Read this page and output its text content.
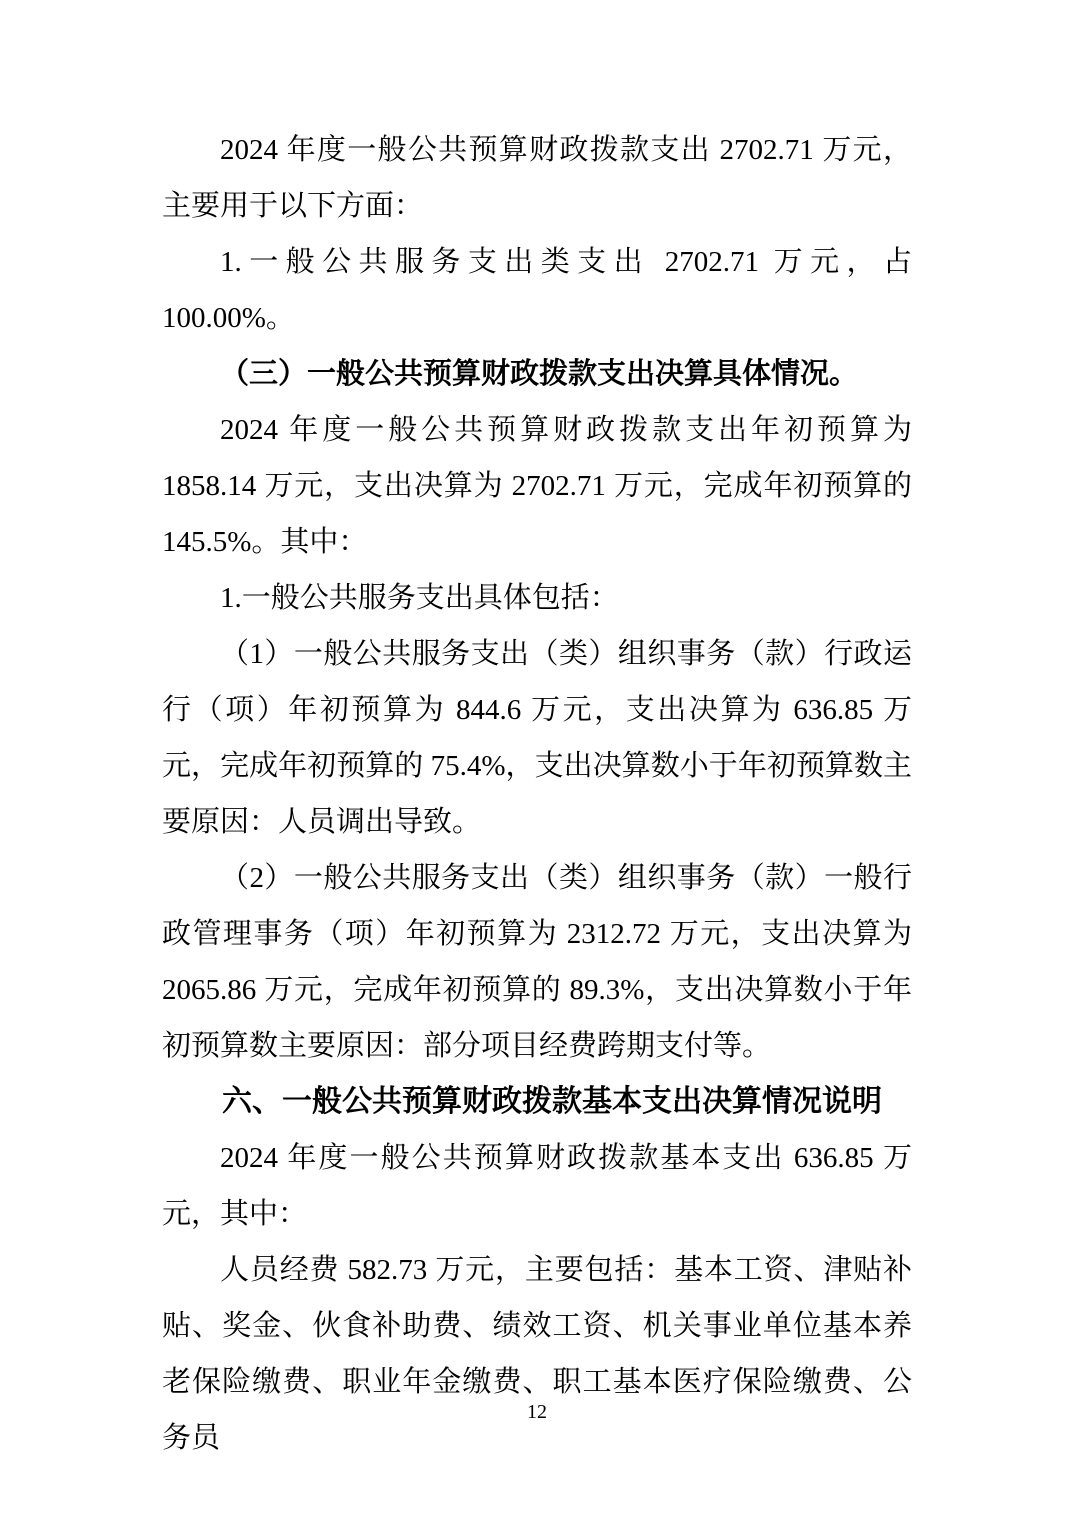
2024 年度一般公共预算财政拨款支出 2702.71 万元，主要用于以下方面：

1.一般公共服务支出类支出 2702.71 万元，占 100.00%。

（三）一般公共预算财政拨款支出决算具体情况。

2024 年度一般公共预算财政拨款支出年初预算为 1858.14 万元，支出决算为 2702.71 万元，完成年初预算的 145.5%。其中：

1.一般公共服务支出具体包括：

（1）一般公共服务支出（类）组织事务（款）行政运行（项）年初预算为 844.6 万元，支出决算为 636.85 万元，完成年初预算的 75.4%，支出决算数小于年初预算数主要原因：人员调出导致。

（2）一般公共服务支出（类）组织事务（款）一般行政管理事务（项）年初预算为 2312.72 万元，支出决算为 2065.86 万元，完成年初预算的 89.3%，支出决算数小于年初预算数主要原因：部分项目经费跨期支付等。

六、一般公共预算财政拨款基本支出决算情况说明

2024 年度一般公共预算财政拨款基本支出 636.85 万元，其中：

人员经费 582.73 万元，主要包括：基本工资、津贴补贴、奖金、伙食补助费、绩效工资、机关事业单位基本养老保险缴费、职业年金缴费、职工基本医疗保险缴费、公务员

12
